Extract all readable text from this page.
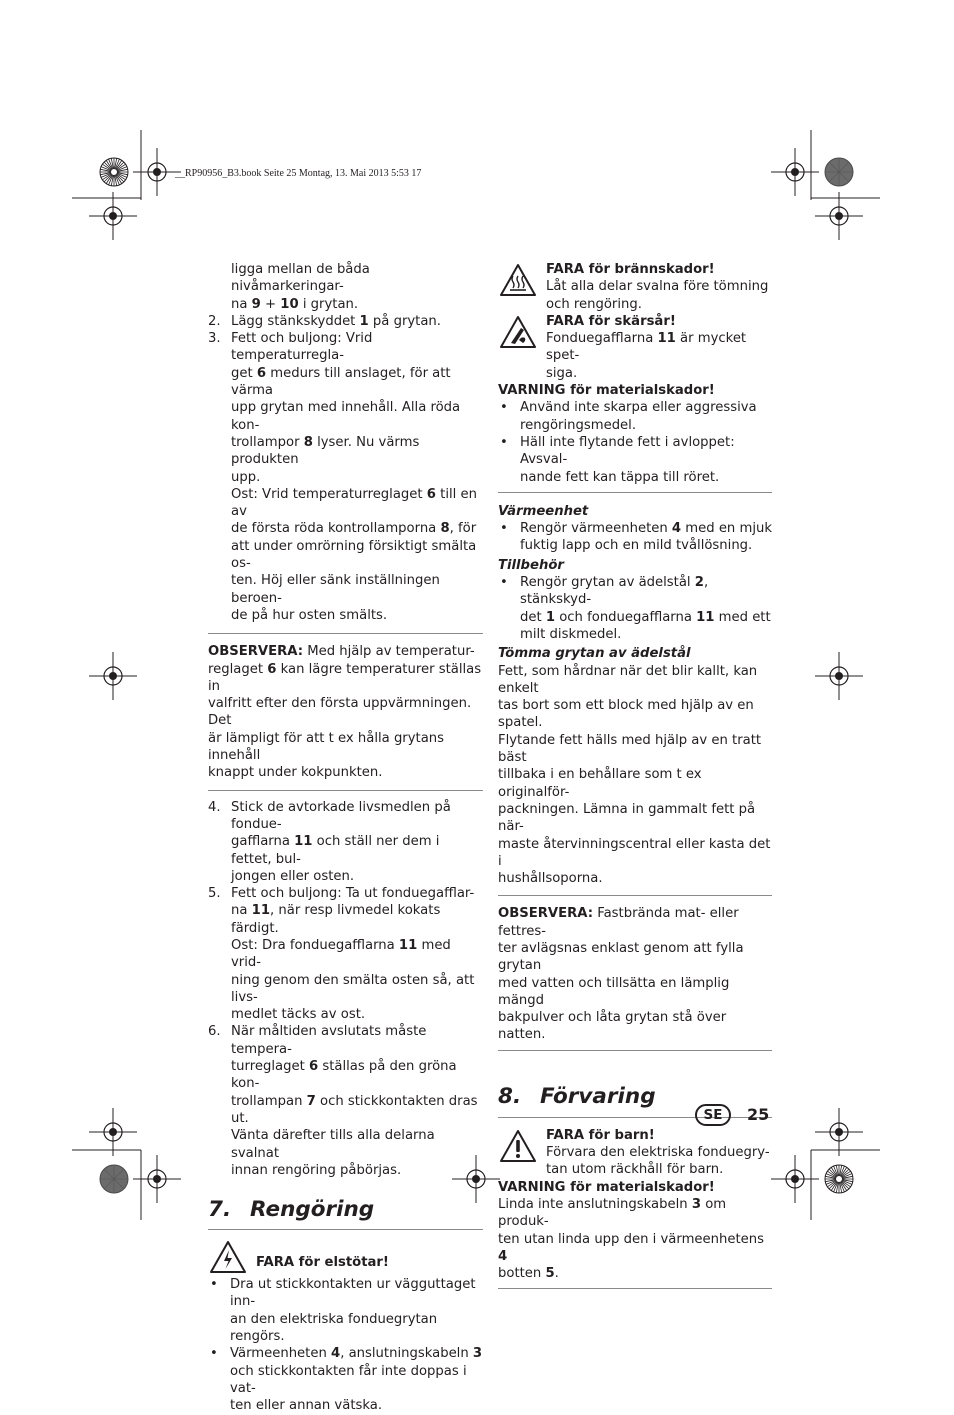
__RP90956_B3.book Seite 25 Montag, 13. Mai 2013 5:53 17
ligga mellan de båda nivåmarkeringar-
na 9 + 10 i grytan.
2. Lägg stänkskyddet 1 på grytan.
3. Fett och buljong: Vrid temperaturregla-
get 6 medurs till anslaget, för att värma
upp grytan med innehåll. Alla röda kon-
trollampor 8 lyser. Nu värms produkten
upp.
Ost: Vrid temperaturreglaget 6 till en av
de första röda kontrollamporna 8, för
att under omrörning försiktigt smälta os-
ten. Höj eller sänk inställningen beroen-
de på hur osten smälts.
OBSERVERA: Med hjälp av temperatur-
reglaget 6 kan lägre temperaturer ställas in
valfritt efter den första uppvärmningen. Det
är lämpligt för att t ex hålla grytans innehåll
knappt under kokpunkten.
4. Stick de avtorkade livsmedlen på fondue-
gafflarna 11 och ställ ner dem i fettet, bul-
jongen eller osten.
5. Fett och buljong: Ta ut fonduegafflar-
na 11, när resp livmedel kokats färdigt.
Ost: Dra fonduegafflarna 11 med vrid-
ning genom den smälta osten så, att livs-
medlet täcks av ost.
6. När måltiden avslutats måste tempera-
turreglaget 6 ställas på den gröna kon-
trollampan 7 och stickkontakten dras ut.
Vänta därefter tills alla delarna svalnat
innan rengöring påbörjas.
7. Rengöring
FARA för elstötar!
• Dra ut stickkontakten ur vägguttaget inn-
an den elektriska fonduegrytan rengörs.
• Värmeenheten 4, anslutningskabeln 3
och stickkontakten får inte doppas i vat-
ten eller annan vätska.
FARA för brännskador!
Låt alla delar svalna före tömning
och rengöring.
FARA för skärsår!
Fonduegafflarna 11 är mycket spet-
siga.
VARNING för materialskador!
• Använd inte skarpa eller aggressiva
rengöringsmedel.
• Häll inte flytande fett i avloppet: Avsval-
nande fett kan täppa till röret.
Värmeenhet
• Rengör värmeenheten 4 med en mjuk
fuktig lapp och en mild tvållösning.
Tillbehör
• Rengör grytan av ädelstål 2, stänkskyd-
det 1 och fonduegafflarna 11 med ett
milt diskmedel.
Tömma grytan av ädelstål
Fett, som hårdnar när det blir kallt, kan enkelt
tas bort som ett block med hjälp av en spatel.
Flytande fett hälls med hjälp av en tratt bäst
tillbaka i en behållare som t ex originalför-
packningen. Lämna in gammalt fett på när-
maste återvinningscentral eller kasta det i
hushållsoporna.
OBSERVERA: Fastbrända mat- eller fettres-
ter avlägsnas enklast genom att fylla grytan
med vatten och tillsätta en lämplig mängd
bakpulver och låta grytan stå över natten.
8. Förvaring
FARA för barn!
Förvara den elektriska fonduegry-
tan utom räckhåll för barn.
VARNING för materialskador!
Linda inte anslutningskabeln 3 om produk-
ten utan linda upp den i värmeenhetens 4
botten 5.
SE	25
